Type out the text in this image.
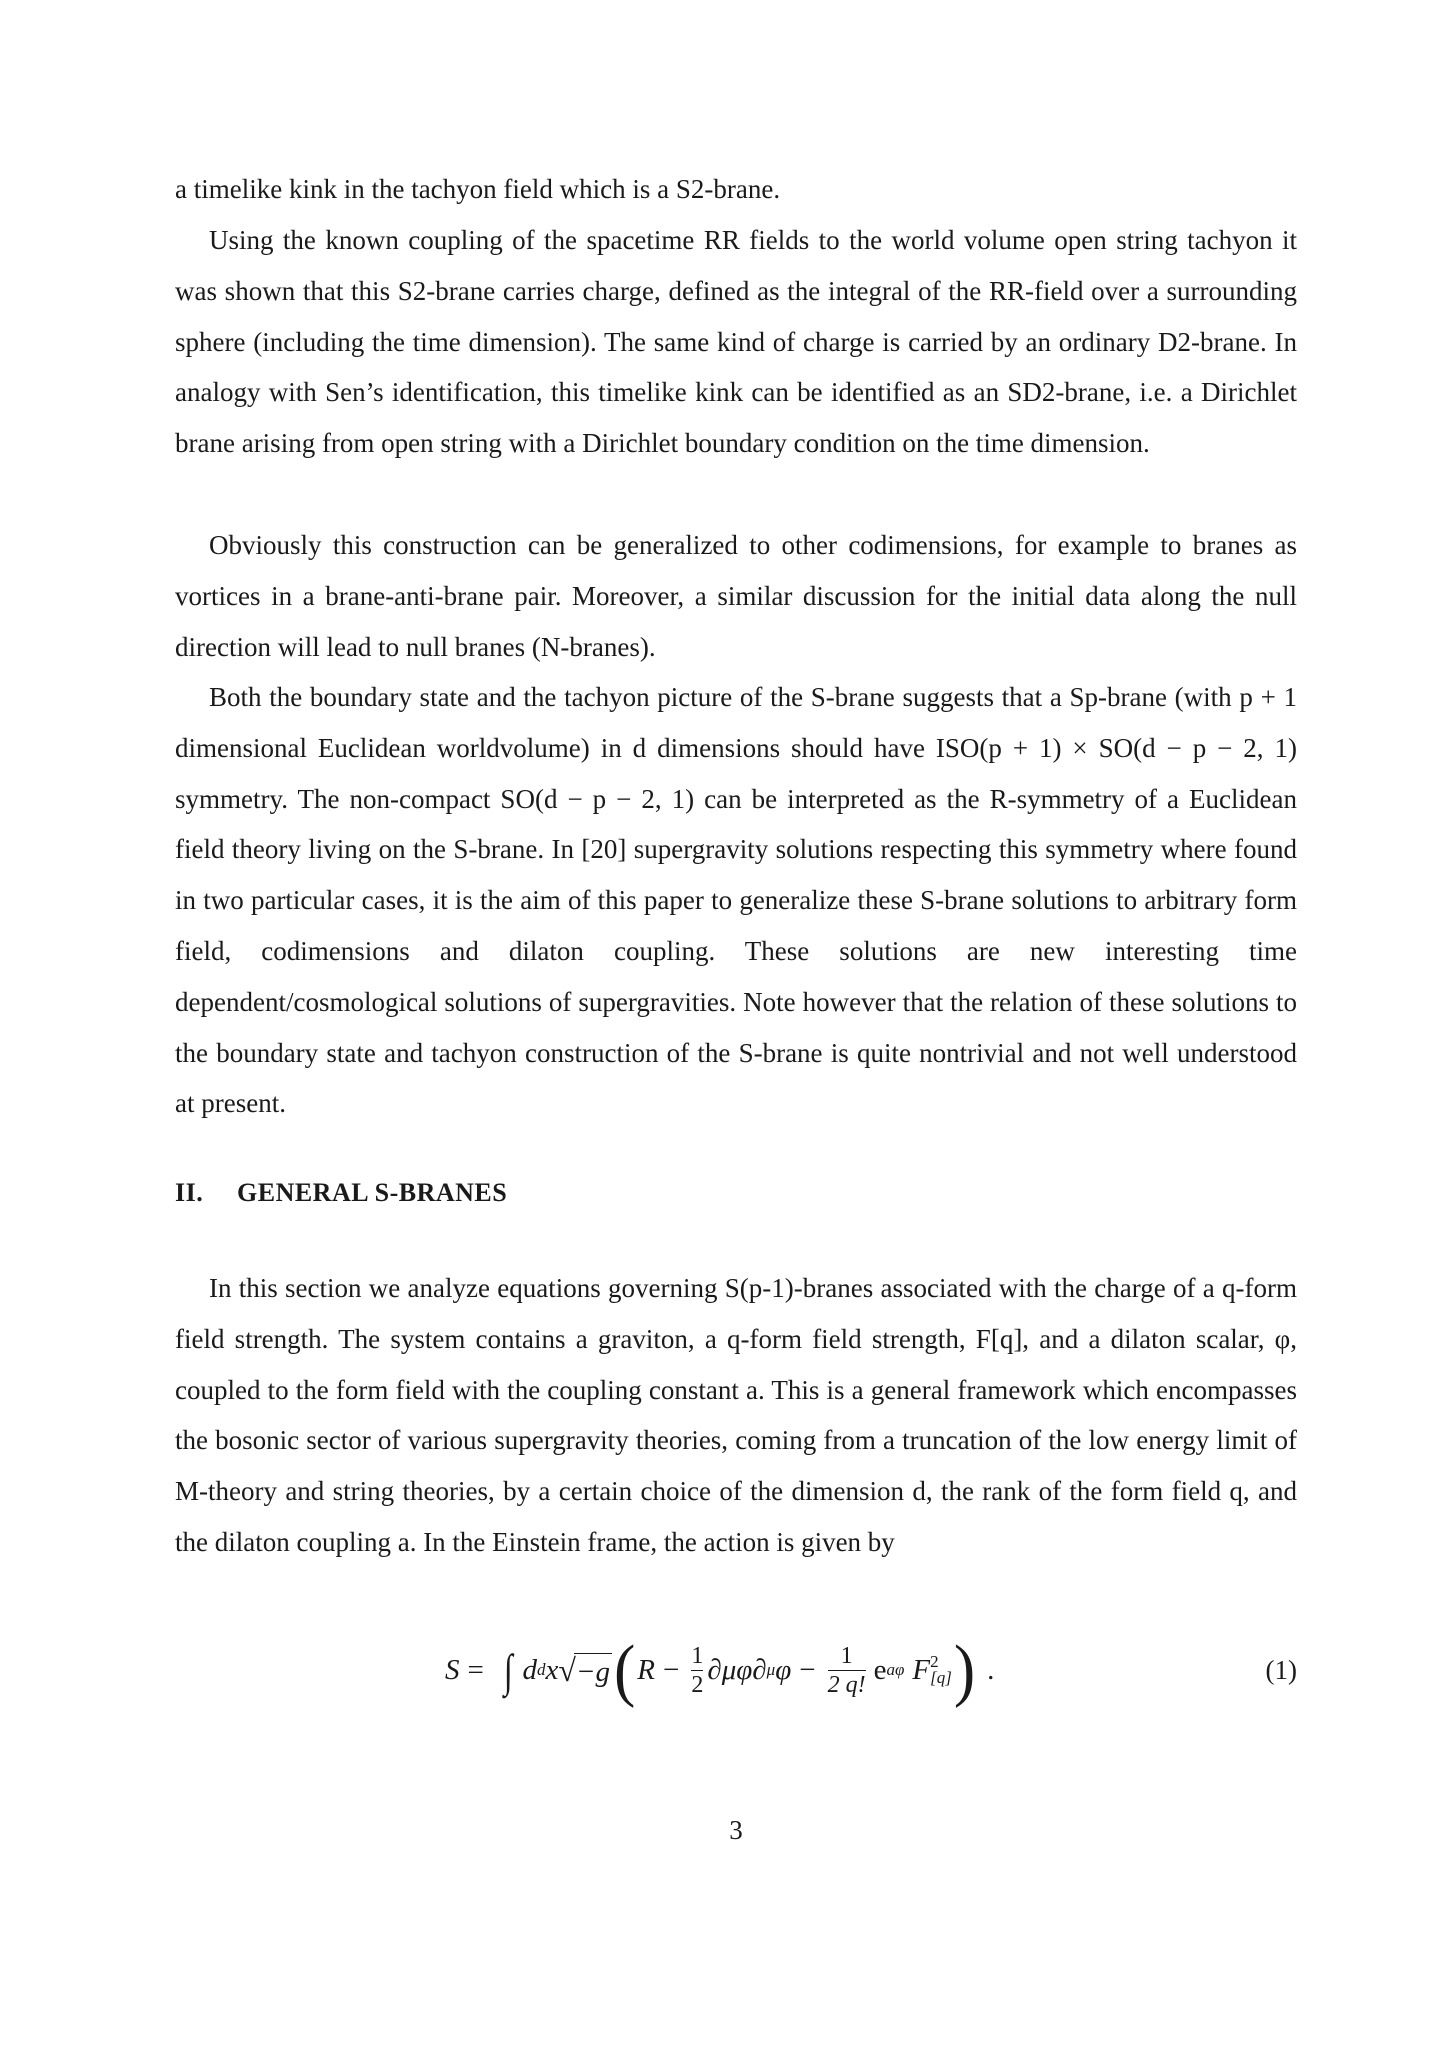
a timelike kink in the tachyon field which is a S2-brane.

Using the known coupling of the spacetime RR fields to the world volume open string tachyon it was shown that this S2-brane carries charge, defined as the integral of the RR-field over a surrounding sphere (including the time dimension). The same kind of charge is carried by an ordinary D2-brane. In analogy with Sen’s identification, this timelike kink can be identified as an SD2-brane, i.e. a Dirichlet brane arising from open string with a Dirichlet boundary condition on the time dimension.

Obviously this construction can be generalized to other codimensions, for example to branes as vortices in a brane-anti-brane pair. Moreover, a similar discussion for the initial data along the null direction will lead to null branes (N-branes).

Both the boundary state and the tachyon picture of the S-brane suggests that a Sp-brane (with p + 1 dimensional Euclidean worldvolume) in d dimensions should have ISO(p + 1) × SO(d − p − 2, 1) symmetry. The non-compact SO(d − p − 2, 1) can be interpreted as the R-symmetry of a Euclidean field theory living on the S-brane. In [20] supergravity solutions respecting this symmetry where found in two particular cases, it is the aim of this paper to generalize these S-brane solutions to arbitrary form field, codimensions and dilaton coupling. These solutions are new interesting time dependent/cosmological solutions of supergravities. Note however that the relation of these solutions to the boundary state and tachyon construction of the S-brane is quite nontrivial and not well understood at present.

II. GENERAL S-BRANES

In this section we analyze equations governing S(p-1)-branes associated with the charge of a q-form field strength. The system contains a graviton, a q-form field strength, F[q], and a dilaton scalar, φ, coupled to the form field with the coupling constant a. This is a general framework which encompasses the bosonic sector of various supergravity theories, coming from a truncation of the low energy limit of M-theory and string theories, by a certain choice of the dimension d, the rank of the form field q, and the dilaton coupling a. In the Einstein frame, the action is given by

S = ∫ d d x √ −g ( $R - \frac{1}{2} \partial\mu\varphi\partial$ μ $\varphi - \frac{1}{2 q!}$ e aφ F 2
[q] ) .	(1)
3
